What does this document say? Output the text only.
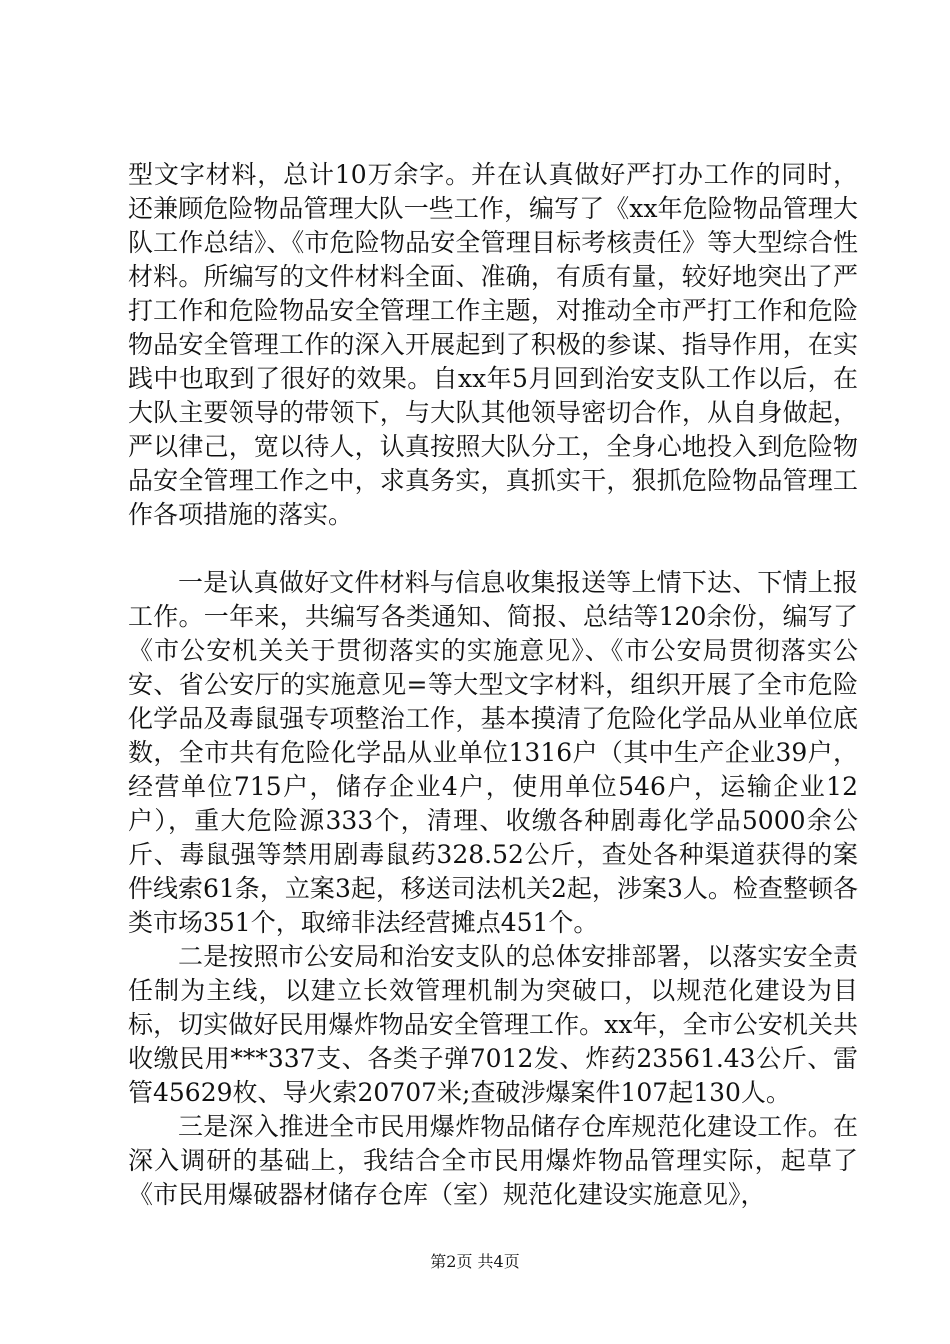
型文字材料，总计10万余字。并在认真做好严打办工作的同时，还兼顾危险物品管理大队一些工作，编写了《xx年危险物品管理大队工作总结》、《市危险物品安全管理目标考核责任》等大型综合性材料。所编写的文件材料全面、准确，有质有量，较好地突出了严打工作和危险物品安全管理工作主题，对推动全市严打工作和危险物品安全管理工作的深入开展起到了积极的参谋、指导作用，在实践中也取到了很好的效果。自xx年5月回到治安支队工作以后，在大队主要领导的带领下，与大队其他领导密切合作，从自身做起，严以律己，宽以待人，认真按照大队分工，全身心地投入到危险物品安全管理工作之中，求真务实，真抓实干，狠抓危险物品管理工作各项措施的落实。

一是认真做好文件材料与信息收集报送等上情下达、下情上报工作。一年来，共编写各类通知、简报、总结等120余份，编写了《市公安机关关于贯彻落实的实施意见》、《市公安局贯彻落实公安、省公安厅的实施意见=等大型文字材料，组织开展了全市危险化学品及毒鼠强专项整治工作，基本摸清了危险化学品从业单位底数，全市共有危险化学品从业单位1316户（其中生产企业39户，经营单位715户，储存企业4户，使用单位546户，运输企业12户），重大危险源333个，清理、收缴各种剧毒化学品5000余公斤、毒鼠强等禁用剧毒鼠药328.52公斤，查处各种渠道获得的案件线索61条，立案3起，移送司法机关2起，涉案3人。检查整顿各类市场351个，取缔非法经营摊点451个。

二是按照市公安局和治安支队的总体安排部署，以落实安全责任制为主线，以建立长效管理机制为突破口，以规范化建设为目标，切实做好民用爆炸物品安全管理工作。xx年，全市公安机关共收缴民用***337支、各类子弹7012发、炸药23561.43公斤、雷管45629枚、导火索20707米;查破涉爆案件107起130人。

三是深入推进全市民用爆炸物品储存仓库规范化建设工作。在深入调研的基础上，我结合全市民用爆炸物品管理实际，起草了《市民用爆破器材储存仓库（室）规范化建设实施意见》，

第2页 共4页
